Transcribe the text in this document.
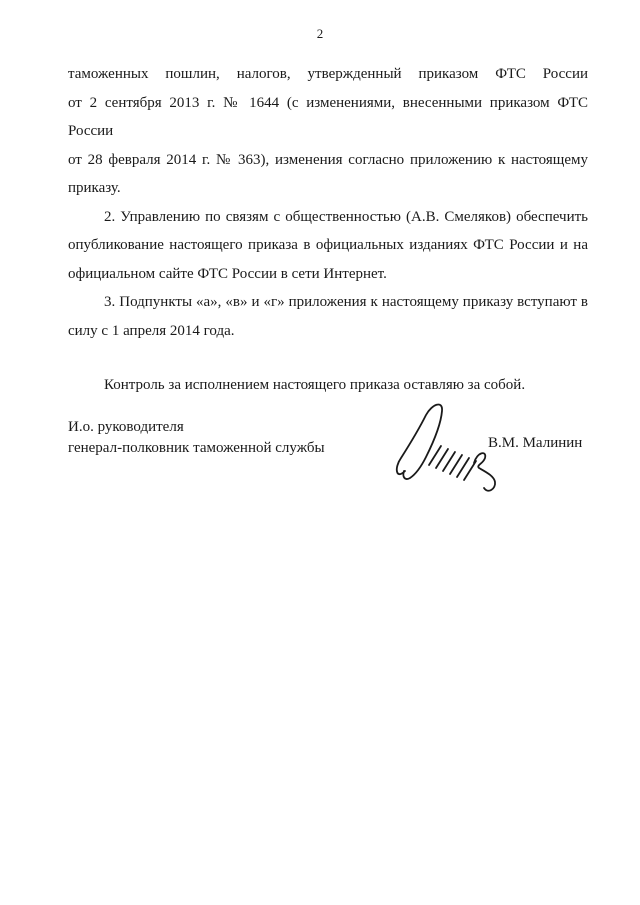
2
таможенных пошлин, налогов, утвержденный приказом ФТС России
от 2 сентября 2013 г. № 1644 (с изменениями, внесенными приказом ФТС России
от 28 февраля 2014 г. № 363), изменения согласно приложению к настоящему
приказу.
2. Управлению по связям с общественностью (А.В. Смеляков) обеспечить
опубликование настоящего приказа в официальных изданиях ФТС России и на
официальном сайте ФТС России в сети Интернет.
3. Подпункты «а», «в» и «г» приложения к настоящему приказу вступают в
силу с 1 апреля 2014 года.
Контроль за исполнением настоящего приказа оставляю за собой.
И.о. руководителя
генерал-полковник таможенной службы	В.М. Малинин
